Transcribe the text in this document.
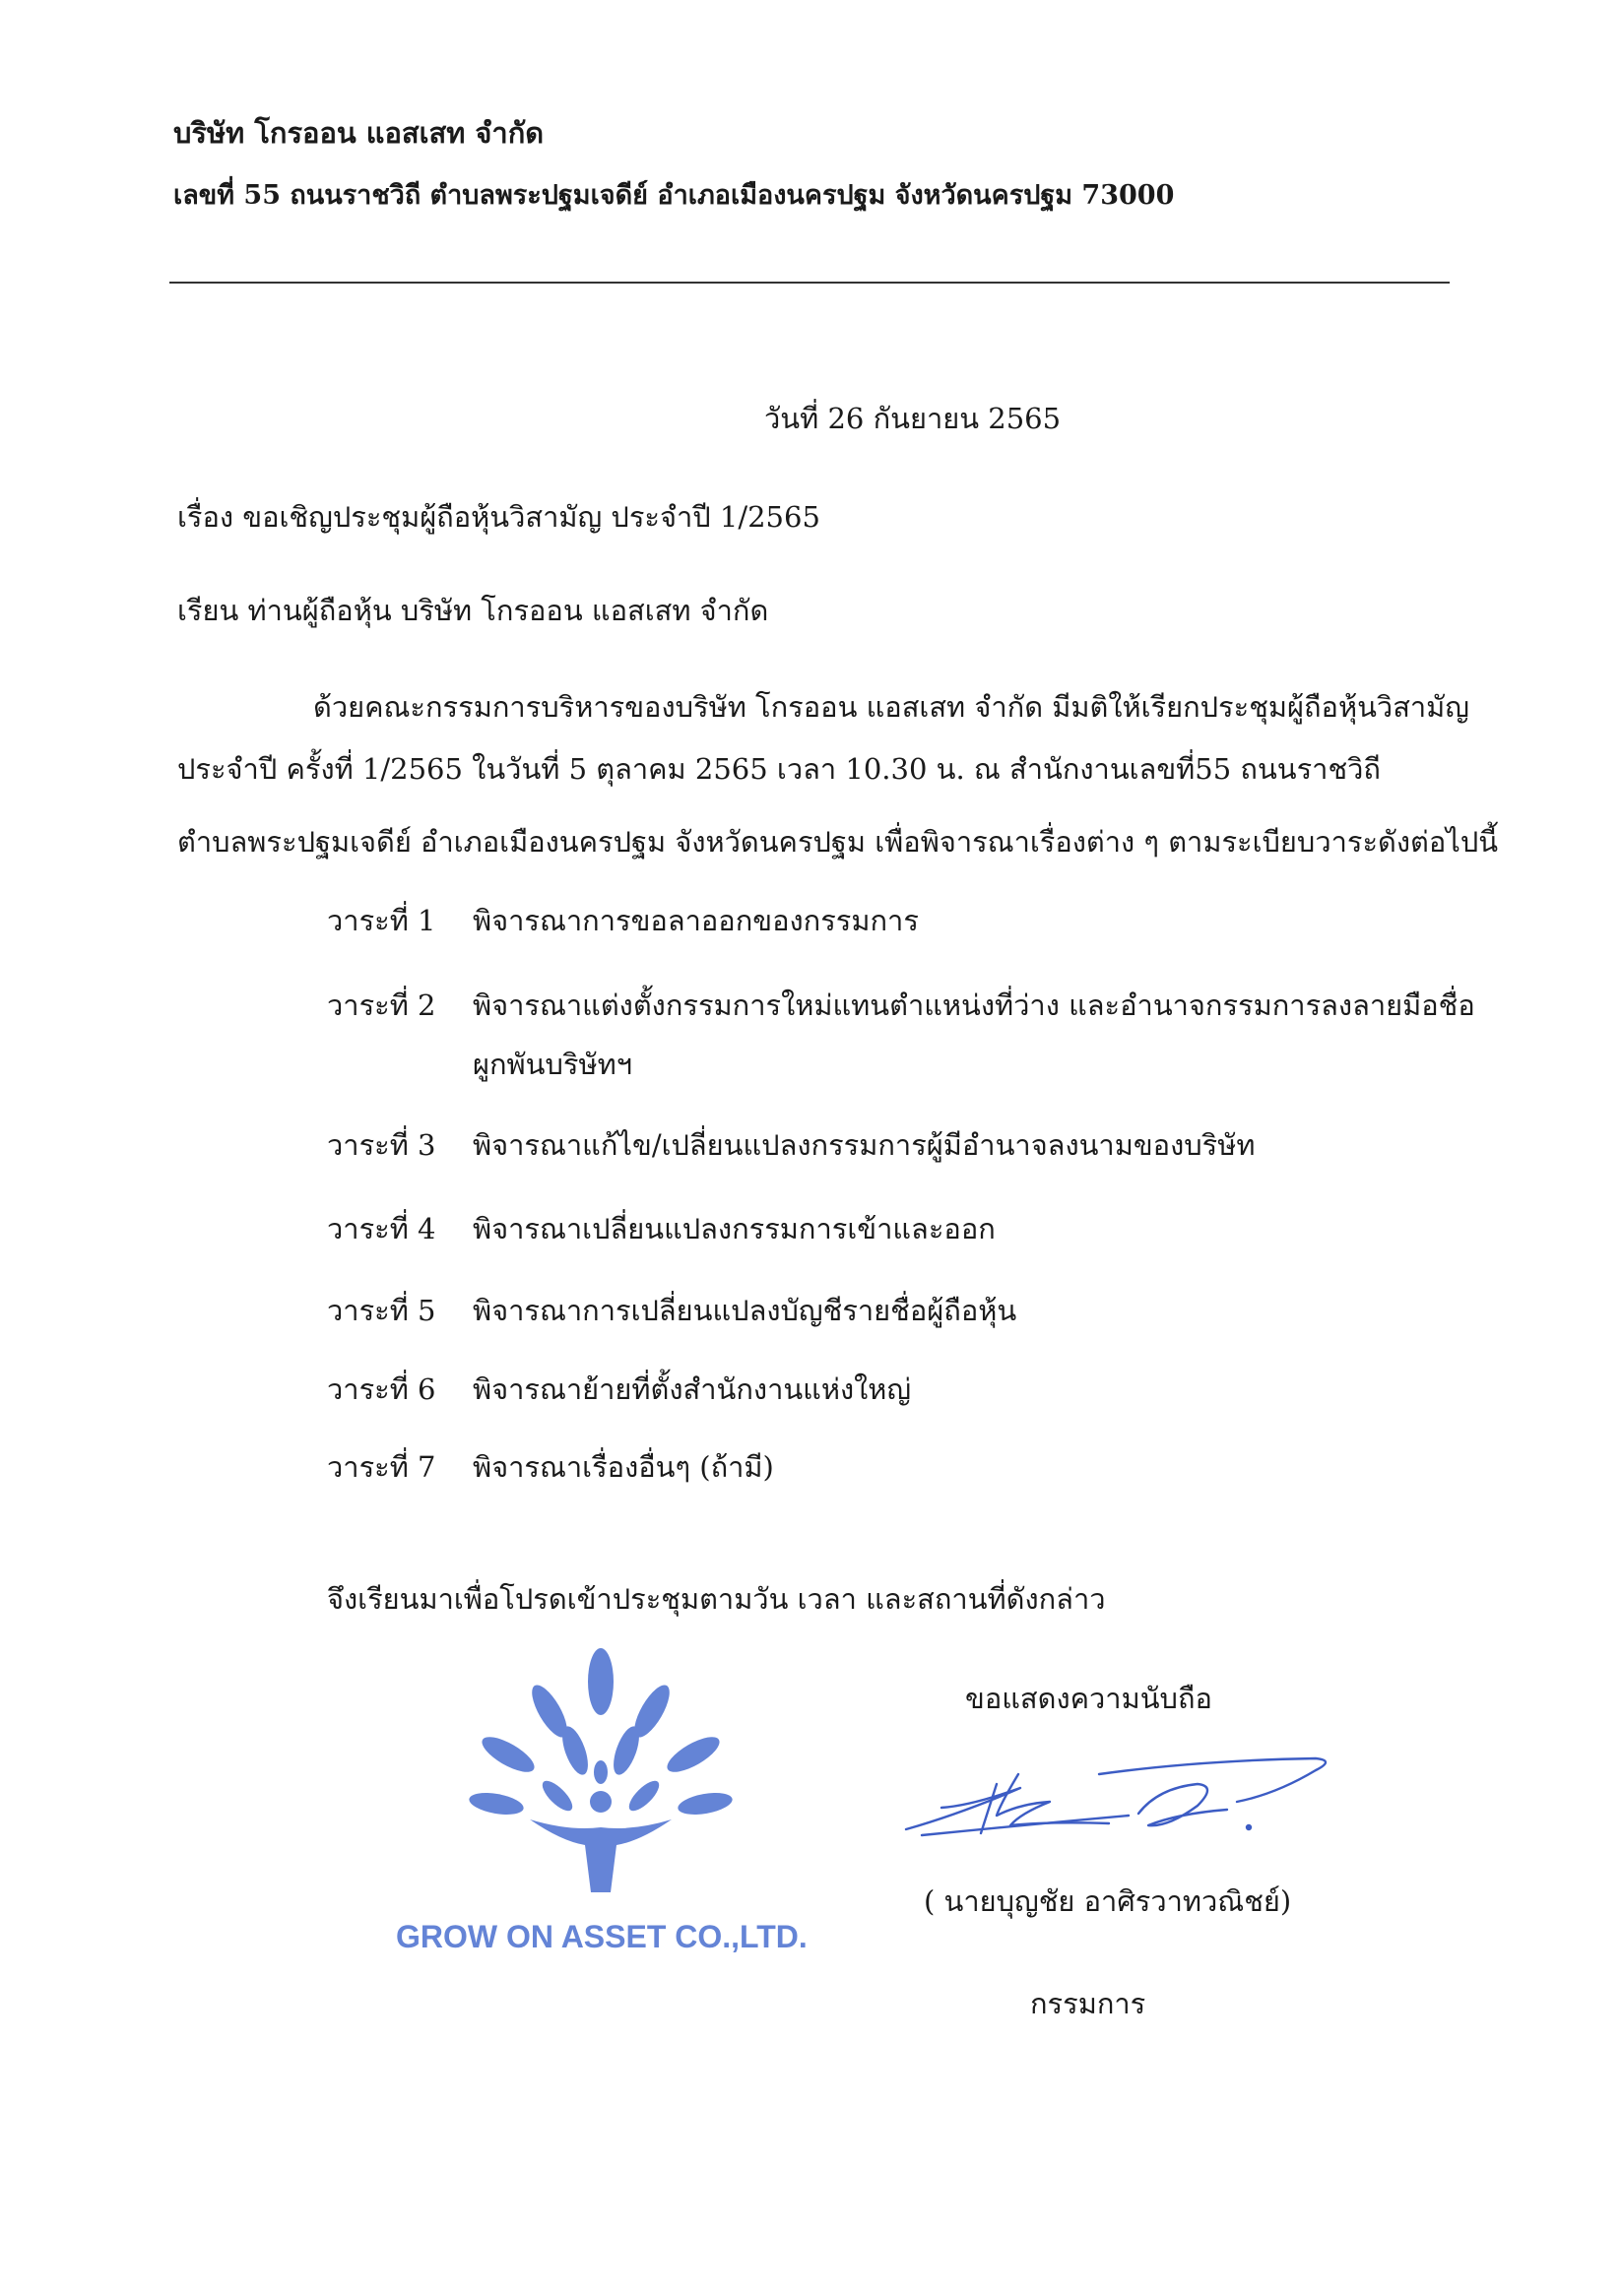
บริษัท โกรออน แอสเสท จำกัด
เลขที่ 55 ถนนราชวิถี ตำบลพระปฐมเจดีย์ อำเภอเมืองนครปฐม จังหวัดนครปฐม 73000
วันที่ 26 กันยายน 2565
เรื่อง ขอเชิญประชุมผู้ถือหุ้นวิสามัญ ประจำปี 1/2565
เรียน ท่านผู้ถือหุ้น บริษัท โกรออน แอสเสท จำกัด
ด้วยคณะกรรมการบริหารของบริษัท โกรออน แอสเสท จำกัด มีมติให้เรียกประชุมผู้ถือหุ้นวิสามัญ
ประจำปี ครั้งที่ 1/2565 ในวันที่ 5 ตุลาคม 2565 เวลา 10.30 น. ณ สำนักงานเลขที่55 ถนนราชวิถี
ตำบลพระปฐมเจดีย์ อำเภอเมืองนครปฐม จังหวัดนครปฐม เพื่อพิจารณาเรื่องต่าง ๆ ตามระเบียบวาระดังต่อไปนี้
วาระที่ 1 พิจารณาการขอลาออกของกรรมการ
วาระที่ 2 พิจารณาแต่งตั้งกรรมการใหม่แทนตำแหน่งที่ว่าง และอำนาจกรรมการลงลายมือชื่อ
ผูกพันบริษัทฯ
วาระที่ 3 พิจารณาแก้ไข/เปลี่ยนแปลงกรรมการผู้มีอำนาจลงนามของบริษัท
วาระที่ 4 พิจารณาเปลี่ยนแปลงกรรมการเข้าและออก
วาระที่ 5 พิจารณาการเปลี่ยนแปลงบัญชีรายชื่อผู้ถือหุ้น
วาระที่ 6 พิจารณาย้ายที่ตั้งสำนักงานแห่งใหญ่
วาระที่ 7 พิจารณาเรื่องอื่นๆ (ถ้ามี)
จึงเรียนมาเพื่อโปรดเข้าประชุมตามวัน เวลา และสถานที่ดังกล่าว
GROW ON ASSET CO.,LTD.
ขอแสดงความนับถือ
( นายบุญชัย อาศิรวาทวณิชย์)
กรรมการ
